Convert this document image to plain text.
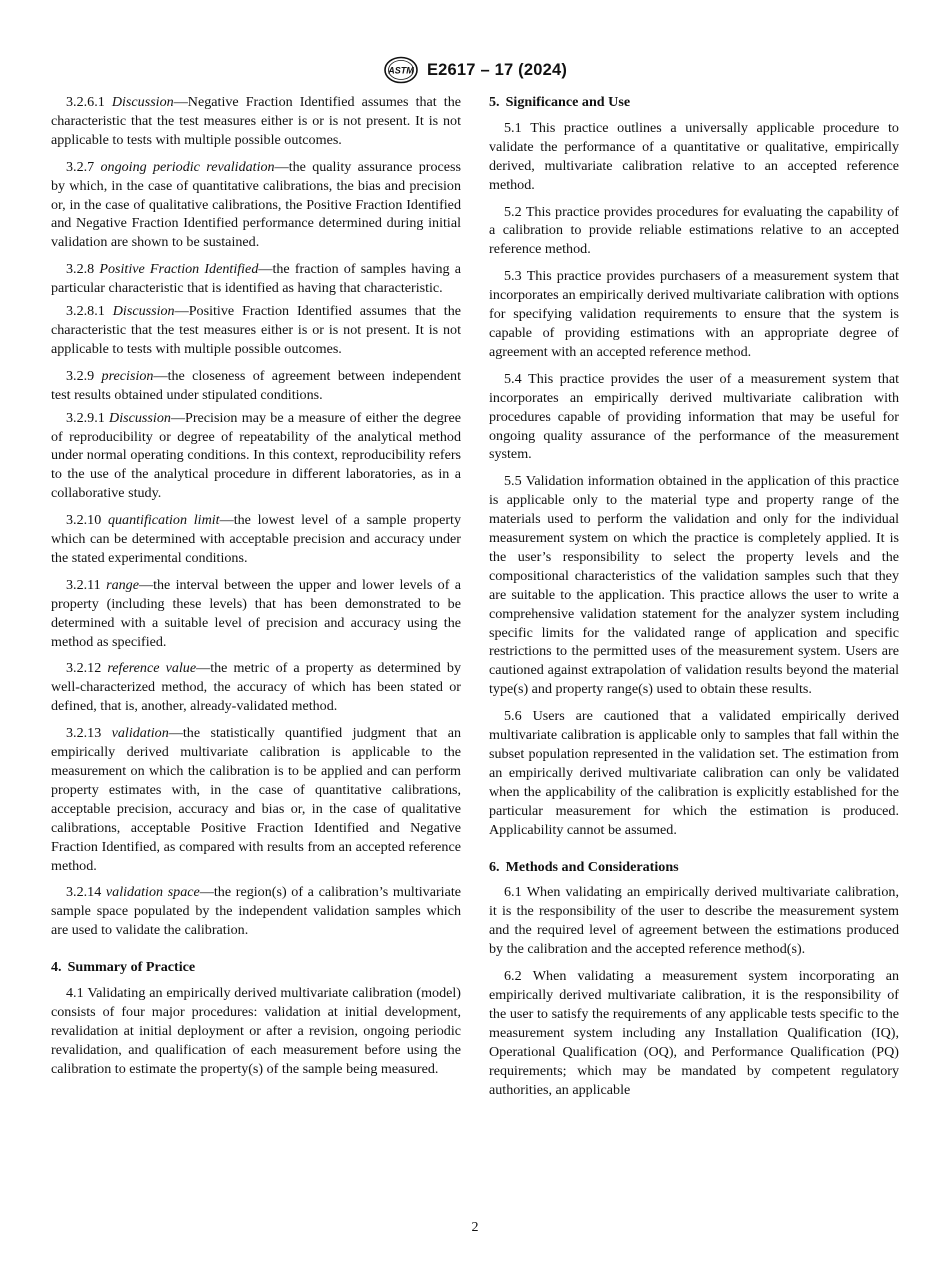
ASTM E2617 – 17 (2024)

3.2.6.1 Discussion—Negative Fraction Identified assumes that the characteristic that the test measures either is or is not present. It is not applicable to tests with multiple possible outcomes.

3.2.7 ongoing periodic revalidation—the quality assurance process by which, in the case of quantitative calibrations, the bias and precision or, in the case of qualitative calibrations, the Positive Fraction Identified and Negative Fraction Identified performance determined during initial validation are shown to be sustained.

3.2.8 Positive Fraction Identified—the fraction of samples having a particular characteristic that is identified as having that characteristic.

3.2.8.1 Discussion—Positive Fraction Identified assumes that the characteristic that the test measures either is or is not present. It is not applicable to tests with multiple possible outcomes.

3.2.9 precision—the closeness of agreement between independent test results obtained under stipulated conditions.

3.2.9.1 Discussion—Precision may be a measure of either the degree of reproducibility or degree of repeatability of the analytical method under normal operating conditions. In this context, reproducibility refers to the use of the analytical procedure in different laboratories, as in a collaborative study.

3.2.10 quantification limit—the lowest level of a sample property which can be determined with acceptable precision and accuracy under the stated experimental conditions.

3.2.11 range—the interval between the upper and lower levels of a property (including these levels) that has been demonstrated to be determined with a suitable level of precision and accuracy using the method as specified.

3.2.12 reference value—the metric of a property as determined by well-characterized method, the accuracy of which has been stated or defined, that is, another, already-validated method.

3.2.13 validation—the statistically quantified judgment that an empirically derived multivariate calibration is applicable to the measurement on which the calibration is to be applied and can perform property estimates with, in the case of quantitative calibrations, acceptable precision, accuracy and bias or, in the case of qualitative calibrations, acceptable Positive Fraction Identified and Negative Fraction Identified, as compared with results from an accepted reference method.

3.2.14 validation space—the region(s) of a calibration’s multivariate sample space populated by the independent validation samples which are used to validate the calibration.

4. Summary of Practice

4.1 Validating an empirically derived multivariate calibration (model) consists of four major procedures: validation at initial development, revalidation at initial deployment or after a revision, ongoing periodic revalidation, and qualification of each measurement before using the calibration to estimate the property(s) of the sample being measured.

5. Significance and Use

5.1 This practice outlines a universally applicable procedure to validate the performance of a quantitative or qualitative, empirically derived, multivariate calibration relative to an accepted reference method.

5.2 This practice provides procedures for evaluating the capability of a calibration to provide reliable estimations relative to an accepted reference method.

5.3 This practice provides purchasers of a measurement system that incorporates an empirically derived multivariate calibration with options for specifying validation requirements to ensure that the system is capable of providing estimations with an appropriate degree of agreement with an accepted reference method.

5.4 This practice provides the user of a measurement system that incorporates an empirically derived multivariate calibration with procedures capable of providing information that may be useful for ongoing quality assurance of the performance of the measurement system.

5.5 Validation information obtained in the application of this practice is applicable only to the material type and property range of the materials used to perform the validation and only for the individual measurement system on which the practice is completely applied. It is the user’s responsibility to select the property levels and the compositional characteristics of the validation samples such that they are suitable to the application. This practice allows the user to write a comprehensive validation statement for the analyzer system including specific limits for the validated range of application and specific restrictions to the permitted uses of the measurement system. Users are cautioned against extrapolation of validation results beyond the material type(s) and property range(s) used to obtain these results.

5.6 Users are cautioned that a validated empirically derived multivariate calibration is applicable only to samples that fall within the subset population represented in the validation set. The estimation from an empirically derived multivariate calibration can only be validated when the applicability of the calibration is explicitly established for the particular measurement for which the estimation is produced. Applicability cannot be assumed.

6. Methods and Considerations

6.1 When validating an empirically derived multivariate calibration, it is the responsibility of the user to describe the measurement system and the required level of agreement between the estimations produced by the calibration and the accepted reference method(s).

6.2 When validating a measurement system incorporating an empirically derived multivariate calibration, it is the responsibility of the user to satisfy the requirements of any applicable tests specific to the measurement system including any Installation Qualification (IQ), Operational Qualification (OQ), and Performance Qualification (PQ) requirements; which may be mandated by competent regulatory authorities, an applicable

2
